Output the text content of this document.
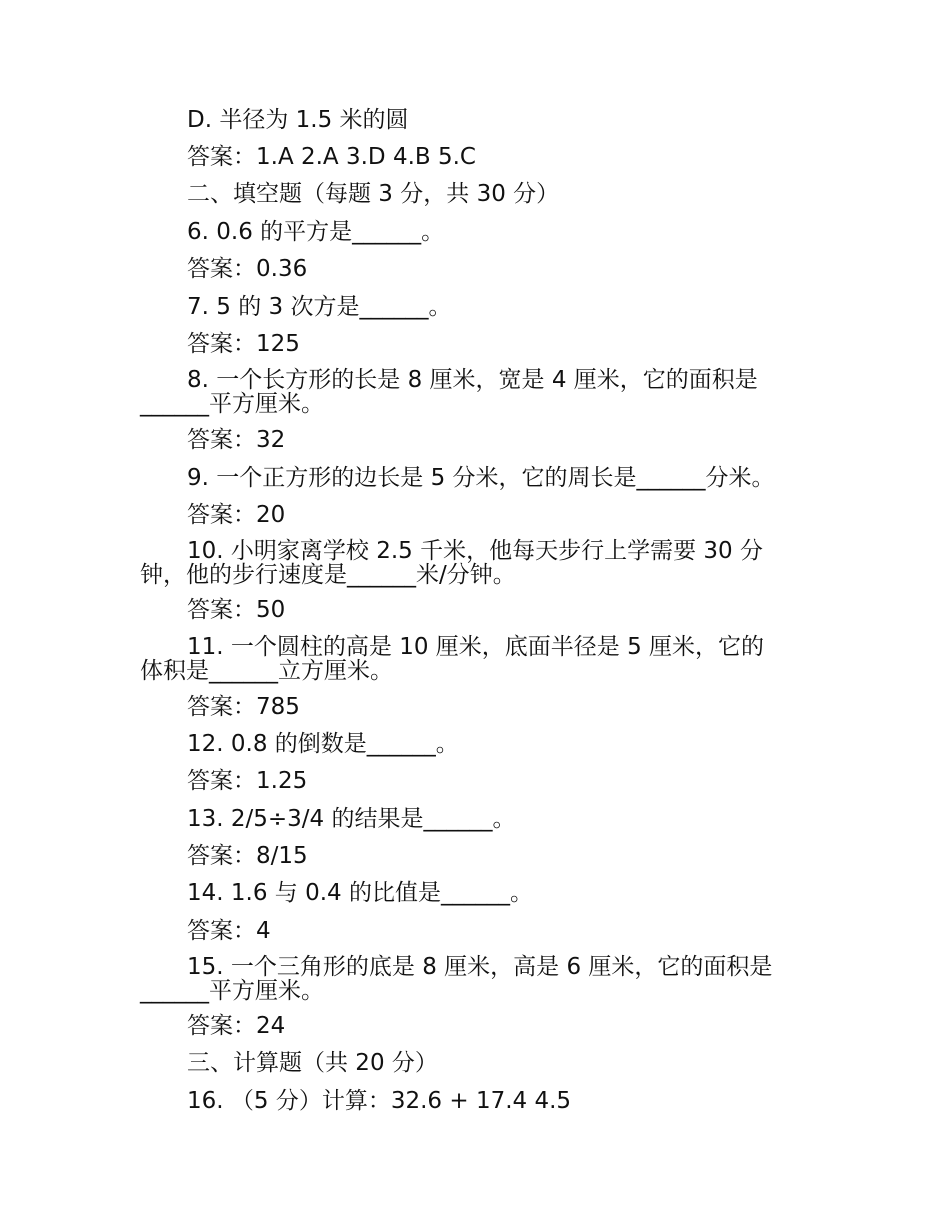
D. 半径为 1.5 米的圆
答案：1.A 2.A 3.D 4.B 5.C
二、填空题（每题 3 分，共 30 分）
6. 0.6 的平方是______。
答案：0.36
7. 5 的 3 次方是______。
答案：125
8. 一个长方形的长是 8 厘米，宽是 4 厘米，它的面积是
______平方厘米。
答案：32
9. 一个正方形的边长是 5 分米，它的周长是______分米。
答案：20
10. 小明家离学校 2.5 千米，他每天步行上学需要 30 分
钟，他的步行速度是______米/分钟。
答案：50
11. 一个圆柱的高是 10 厘米，底面半径是 5 厘米，它的
体积是______立方厘米。
答案：785
12. 0.8 的倒数是______。
答案：1.25
13. 2/5÷3/4 的结果是______。
答案：8/15
14. 1.6 与 0.4 的比值是______。
答案：4
15. 一个三角形的底是 8 厘米，高是 6 厘米，它的面积是
______平方厘米。
答案：24
三、计算题（共 20 分）
16. （5 分）计算：32.6 + 17.4 4.5
